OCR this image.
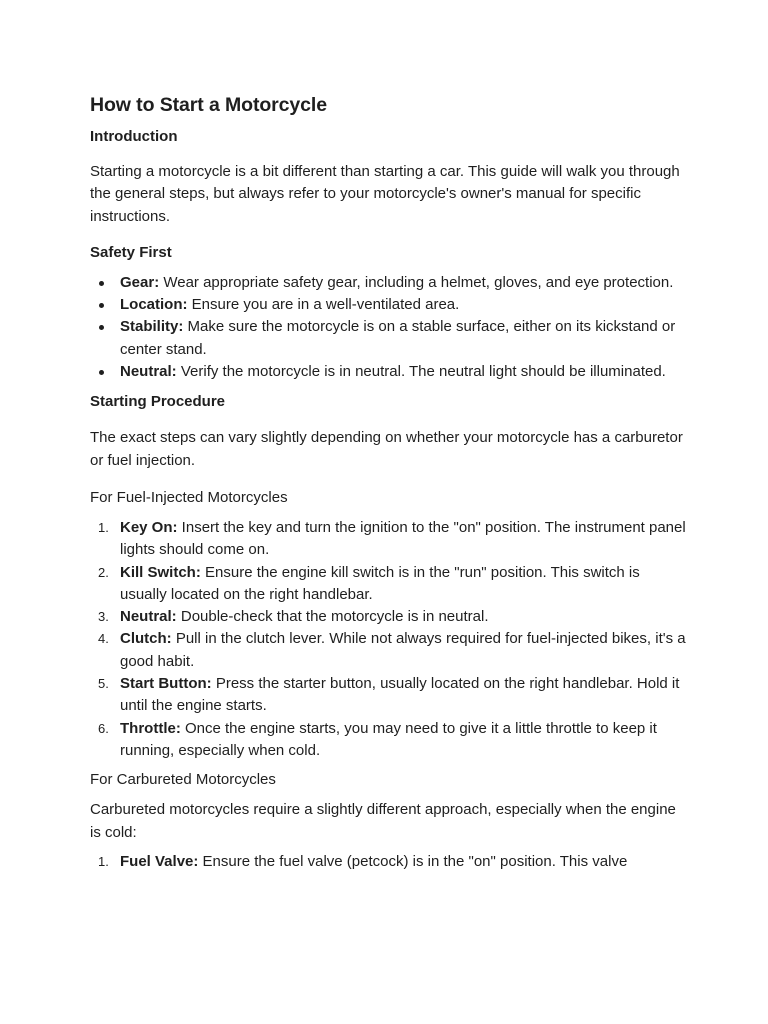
How to Start a Motorcycle
Introduction

Starting a motorcycle is a bit different than starting a car. This guide will walk you through the general steps, but always refer to your motorcycle's owner's manual for specific instructions.

Safety First
Gear: Wear appropriate safety gear, including a helmet, gloves, and eye protection.
Location: Ensure you are in a well-ventilated area.
Stability: Make sure the motorcycle is on a stable surface, either on its kickstand or center stand.
Neutral: Verify the motorcycle is in neutral. The neutral light should be illuminated.
Starting Procedure

The exact steps can vary slightly depending on whether your motorcycle has a carburetor or fuel injection.

For Fuel-Injected Motorcycles
1. Key On: Insert the key and turn the ignition to the "on" position. The instrument panel lights should come on.
2. Kill Switch: Ensure the engine kill switch is in the "run" position. This switch is usually located on the right handlebar.
3. Neutral: Double-check that the motorcycle is in neutral.
4. Clutch: Pull in the clutch lever. While not always required for fuel-injected bikes, it's a good habit.
5. Start Button: Press the starter button, usually located on the right handlebar. Hold it until the engine starts.
6. Throttle: Once the engine starts, you may need to give it a little throttle to keep it running, especially when cold.
For Carbureted Motorcycles

Carbureted motorcycles require a slightly different approach, especially when the engine is cold:

1. Fuel Valve: Ensure the fuel valve (petcock) is in the "on" position. This valve
